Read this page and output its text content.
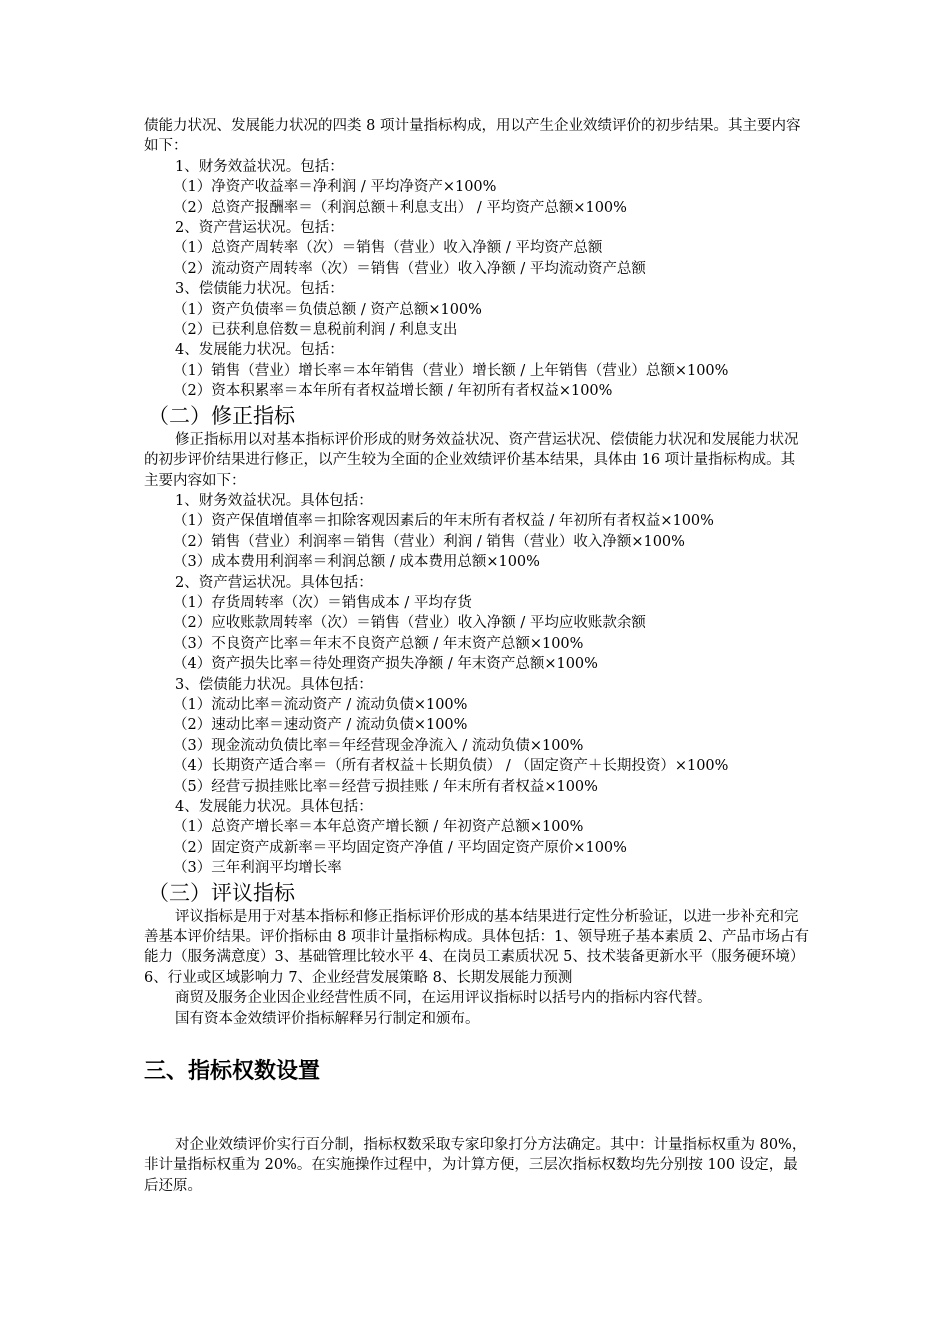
债能力状况、发展能力状况的四类 8 项计量指标构成，用以产生企业效绩评价的初步结果。其主要内容如下：

1、财务效益状况。包括：

（1）净资产收益率＝净利润 / 平均净资产×100%

（2）总资产报酬率＝（利润总额＋利息支出） / 平均资产总额×100%

2、资产营运状况。包括：

（1）总资产周转率（次）＝销售（营业）收入净额 / 平均资产总额

（2）流动资产周转率（次）＝销售（营业）收入净额 / 平均流动资产总额

3、偿债能力状况。包括：

（1）资产负债率＝负债总额 / 资产总额×100%

（2）已获利息倍数＝息税前利润 / 利息支出

4、发展能力状况。包括：

（1）销售（营业）增长率＝本年销售（营业）增长额 / 上年销售（营业）总额×100%

（2）资本积累率＝本年所有者权益增长额 / 年初所有者权益×100%

（二）修正指标

修正指标用以对基本指标评价形成的财务效益状况、资产营运状况、偿债能力状况和发展能力状况的初步评价结果进行修正，以产生较为全面的企业效绩评价基本结果，具体由 16 项计量指标构成。其主要内容如下：

1、财务效益状况。具体包括：

（1）资产保值增值率＝扣除客观因素后的年末所有者权益 / 年初所有者权益×100%

（2）销售（营业）利润率＝销售（营业）利润 / 销售（营业）收入净额×100%

（3）成本费用利润率＝利润总额 / 成本费用总额×100%

2、资产营运状况。具体包括：

（1）存货周转率（次）＝销售成本 / 平均存货

（2）应收账款周转率（次）＝销售（营业）收入净额 / 平均应收账款余额

（3）不良资产比率＝年末不良资产总额 / 年末资产总额×100%

（4）资产损失比率＝待处理资产损失净额 / 年末资产总额×100%

3、偿债能力状况。具体包括：

（1）流动比率＝流动资产 / 流动负债×100%

（2）速动比率＝速动资产 / 流动负债×100%

（3）现金流动负债比率＝年经营现金净流入 / 流动负债×100%

（4）长期资产适合率＝（所有者权益＋长期负债） / （固定资产＋长期投资）×100%

（5）经营亏损挂账比率＝经营亏损挂账 / 年末所有者权益×100%

4、发展能力状况。具体包括：

（1）总资产增长率＝本年总资产增长额 / 年初资产总额×100%

（2）固定资产成新率＝平均固定资产净值 / 平均固定资产原价×100%

（3）三年利润平均增长率

（三）评议指标

评议指标是用于对基本指标和修正指标评价形成的基本结果进行定性分析验证，以进一步补充和完善基本评价结果。评价指标由 8 项非计量指标构成。具体包括：1、领导班子基本素质 2、产品市场占有能力（服务满意度）3、基础管理比较水平 4、在岗员工素质状况 5、技术装备更新水平（服务硬环境）6、行业或区域影响力 7、企业经营发展策略 8、长期发展能力预测

商贸及服务企业因企业经营性质不同，在运用评议指标时以括号内的指标内容代替。

国有资本金效绩评价指标解释另行制定和颁布。

三、指标权数设置

对企业效绩评价实行百分制，指标权数采取专家印象打分方法确定。其中：计量指标权重为 80%，非计量指标权重为 20%。在实施操作过程中，为计算方便，三层次指标权数均先分别按 100 设定，最后还原。
